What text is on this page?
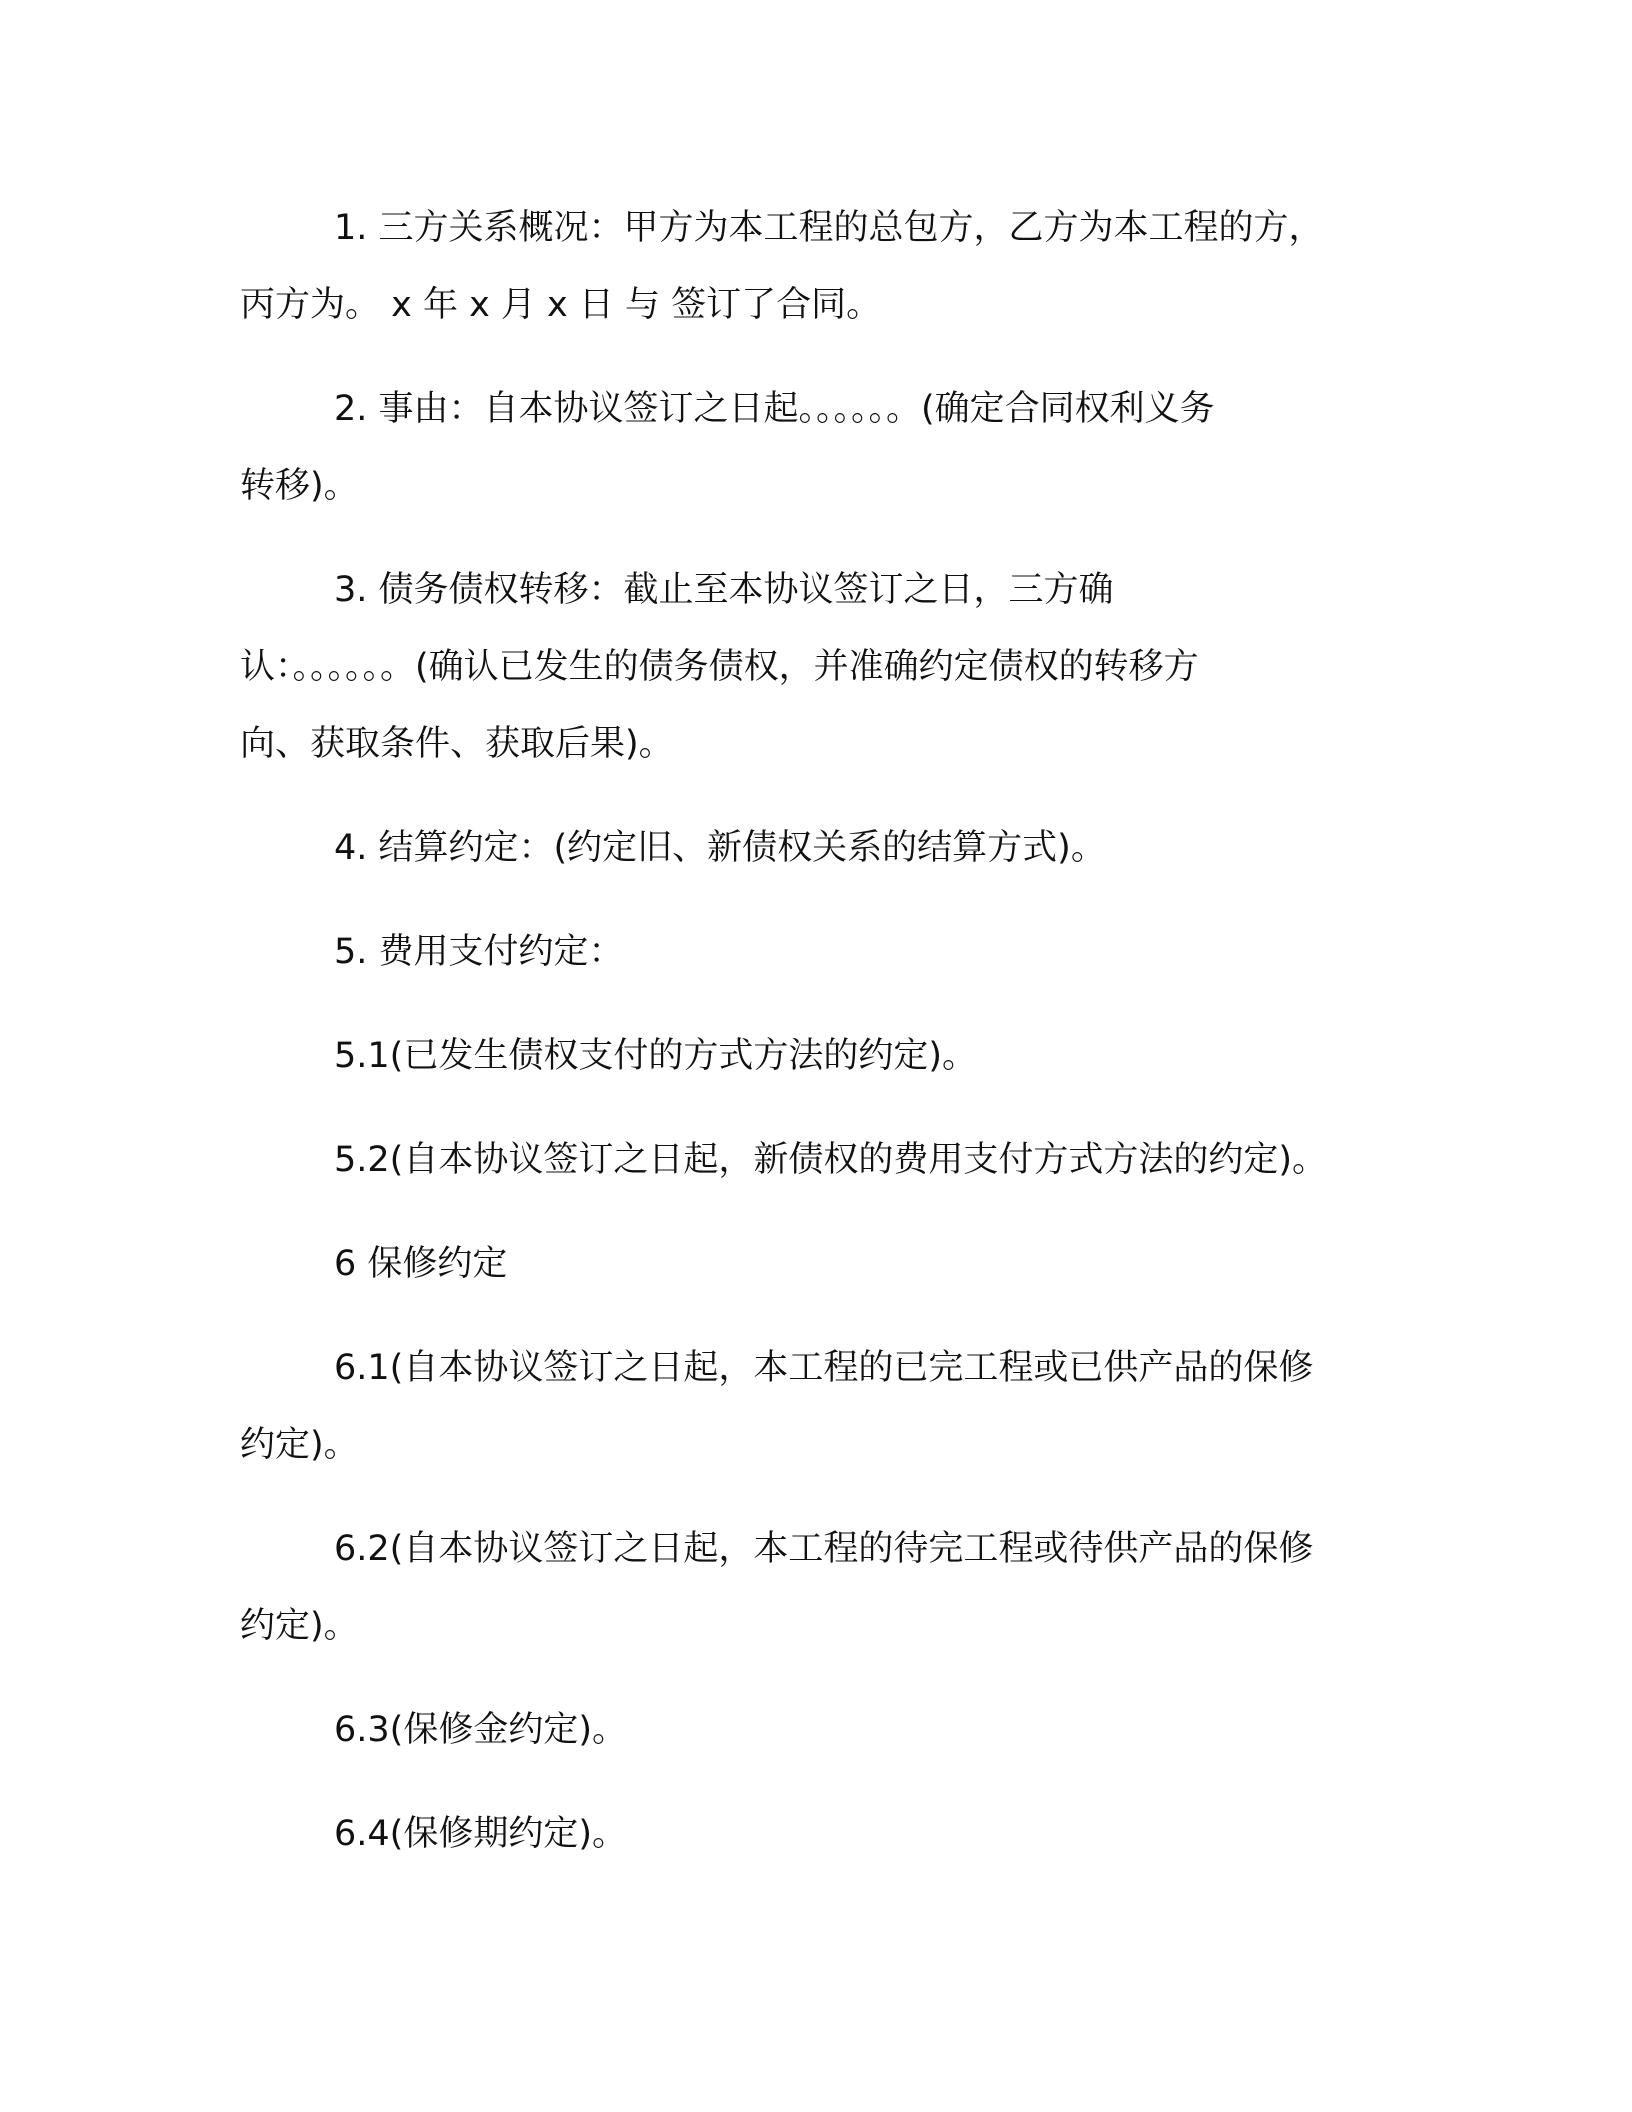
1. 三方关系概况：甲方为本工程的总包方，乙方为本工程的方，
丙方为。 x 年 x 月 x 日 与 签订了合同。

2. 事由：自本协议签订之日起。。。。。。(确定合同权利义务
转移)。

3. 债务债权转移：截止至本协议签订之日，三方确
认：。。。。。。(确认已发生的债务债权，并准确约定债权的转移方
向、获取条件、获取后果)。

4. 结算约定：(约定旧、新债权关系的结算方式)。

5. 费用支付约定：

5.1(已发生债权支付的方式方法的约定)。

5.2(自本协议签订之日起，新债权的费用支付方式方法的约定)。

6 保修约定

6.1(自本协议签订之日起，本工程的已完工程或已供产品的保修
约定)。

6.2(自本协议签订之日起，本工程的待完工程或待供产品的保修
约定)。

6.3(保修金约定)。

6.4(保修期约定)。
